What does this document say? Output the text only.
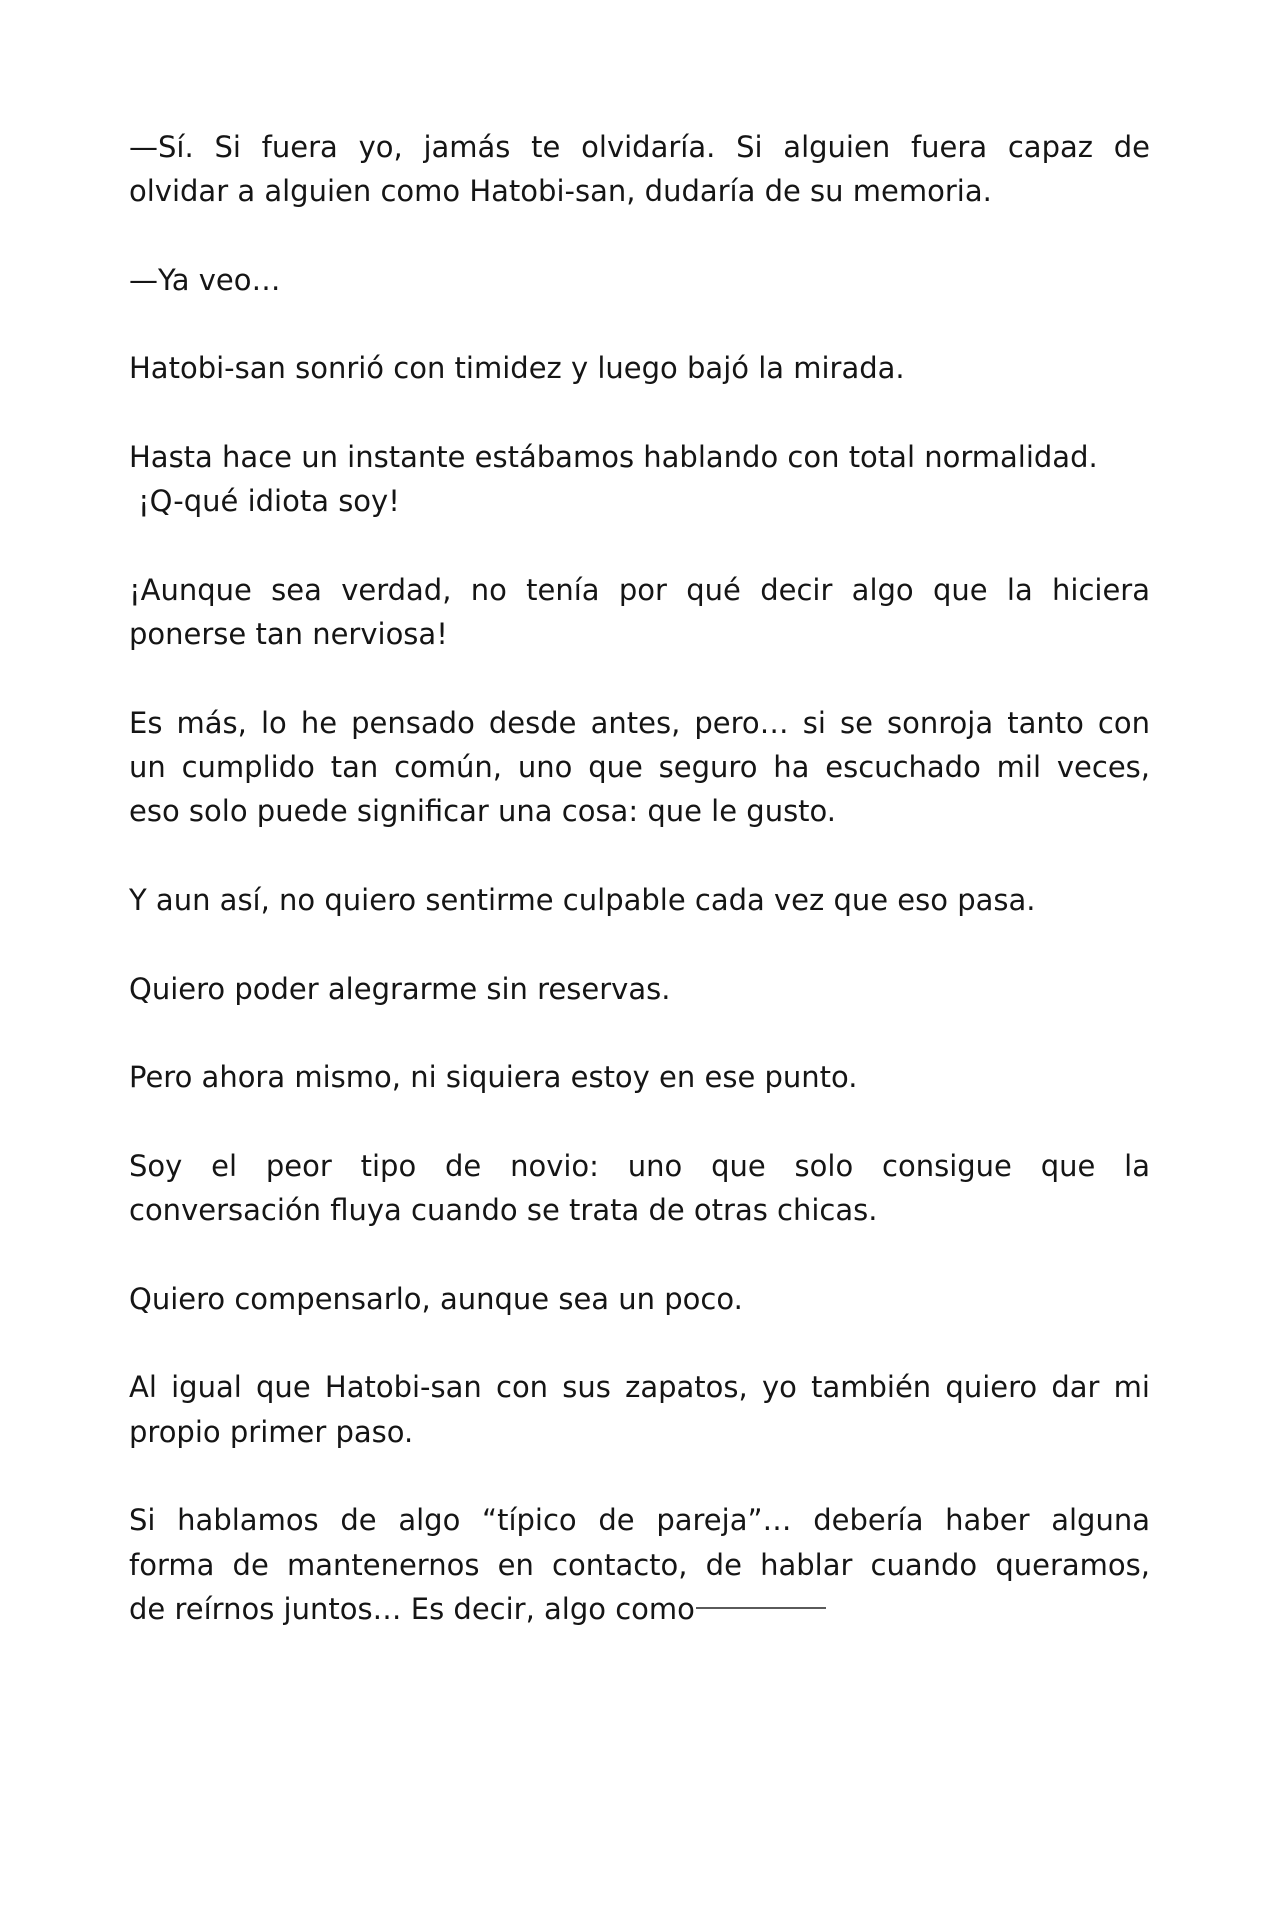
—Sí. Si fuera yo, jamás te olvidaría. Si alguien fuera capaz de
olvidar a alguien como Hatobi-san, dudaría de su memoria.

—Ya veo…

Hatobi-san sonrió con timidez y luego bajó la mirada.

Hasta hace un instante estábamos hablando con total normalidad.
¡Q-qué idiota soy!

¡Aunque sea verdad, no tenía por qué decir algo que la hiciera
ponerse tan nerviosa!

Es más, lo he pensado desde antes, pero… si se sonroja tanto con
un cumplido tan común, uno que seguro ha escuchado mil veces,
eso solo puede significar una cosa: que le gusto.

Y aun así, no quiero sentirme culpable cada vez que eso pasa.

Quiero poder alegrarme sin reservas.

Pero ahora mismo, ni siquiera estoy en ese punto.

Soy el peor tipo de novio: uno que solo consigue que la
conversación fluya cuando se trata de otras chicas.

Quiero compensarlo, aunque sea un poco.

Al igual que Hatobi-san con sus zapatos, yo también quiero dar mi
propio primer paso.

Si hablamos de algo “típico de pareja”… debería haber alguna
forma de mantenernos en contacto, de hablar cuando queramos,
de reírnos juntos… Es decir, algo como
